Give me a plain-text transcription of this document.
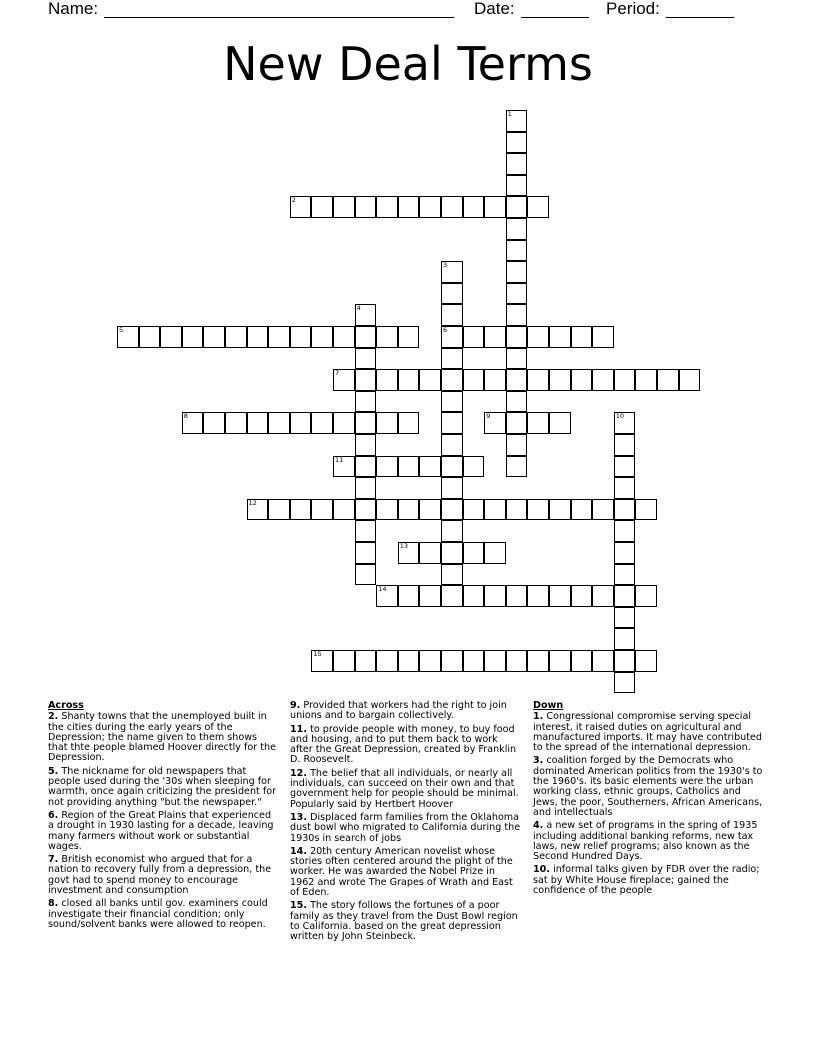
Name:	Date:	Period:
New Deal Terms
2
5	6
7
8	9
11
12
13
14
15
1
3
4
10
Across
2. Shanty towns that the unemployed built in the cities during the early years of the Depression; the name given to them shows that thte people blamed Hoover directly for the Depression.
5. The nickname for old newspapers that people used during the '30s when sleeping for warmth, once again criticizing the president for not providing anything "but the newspaper."
6. Region of the Great Plains that experienced a drought in 1930 lasting for a decade, leaving many farmers without work or substantial wages.
7. British economist who argued that for a nation to recovery fully from a depression, the govt had to spend money to encourage investment and consumption
8. closed all banks until gov. examiners could investigate their financial condition; only sound/solvent banks were allowed to reopen.
9. Provided that workers had the right to join unions and to bargain collectively.
11. to provide people with money, to buy food and housing, and to put them back to work after the Great Depression, created by Franklin D. Roosevelt.
12. The belief that all individuals, or nearly all individuals, can succeed on their own and that government help for people should be minimal. Popularly said by Hertbert Hoover
13. Displaced farm families from the Oklahoma dust bowl who migrated to California during the 1930s in search of jobs
14. 20th century American novelist whose stories often centered around the plight of the worker. He was awarded the Nobel Prize in 1962 and wrote The Grapes of Wrath and East of Eden.
15. The story follows the fortunes of a poor family as they travel from the Dust Bowl region to California. based on the great depression written by John Steinbeck.
Down
1. Congressional compromise serving special interest, it raised duties on agricultural and manufactured imports. It may have contributed to the spread of the international depression.
3. coalition forged by the Democrats who dominated American politics from the 1930's to the 1960's. its basic elements were the urban working class, ethnic groups, Catholics and Jews, the poor, Southerners, African Americans, and intellectuals
4. a new set of programs in the spring of 1935 including additional banking reforms, new tax laws, new relief programs; also known as the Second Hundred Days.
10. informal talks given by FDR over the radio; sat by White House fireplace; gained the confidence of the people
